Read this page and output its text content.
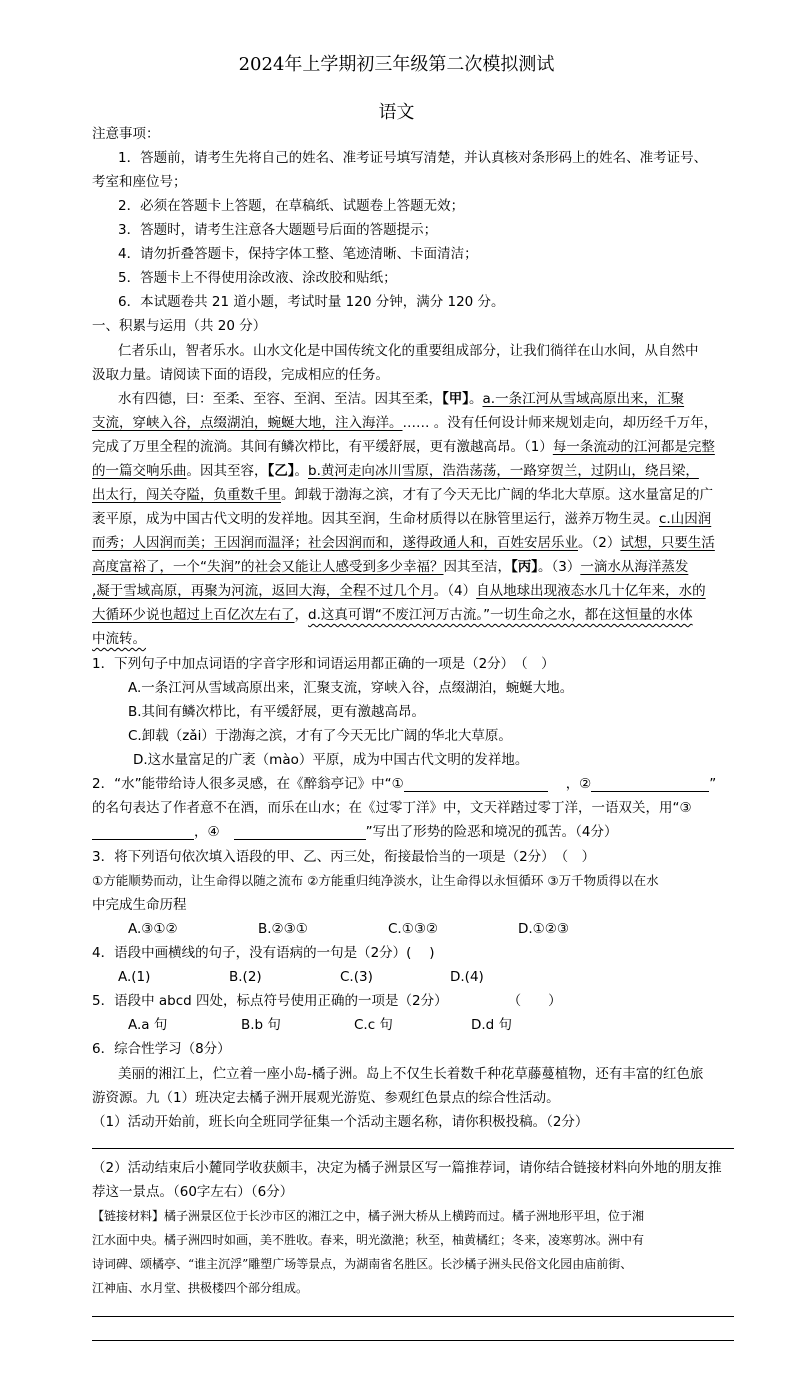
2024年上学期初三年级第二次模拟测试
语文
注意事项：
1．答题前，请考生先将自己的姓名、准考证号填写清楚，并认真核对条形码上的姓名、准考证号、
考室和座位号；
2．必须在答题卡上答题，在草稿纸、试题卷上答题无效；
3．答题时，请考生注意各大题题号后面的答题提示；
4．请勿折叠答题卡，保持字体工整、笔迹清晰、卡面清洁；
5．答题卡上不得使用涂改液、涂改胶和贴纸；
6．本试题卷共 21 道小题，考试时量 120 分钟，满分 120 分。
一、积累与运用（共 20 分）
仁者乐山，智者乐水。山水文化是中国传统文化的重要组成部分，让我们徜徉在山水间，从自然中
汲取力量。请阅读下面的语段，完成相应的任务。
水有四德，曰：至柔、至容、至润、至洁。因其至柔，【甲】。a.一条江河从雪域高原出来，汇聚
支流，穿峡入谷，点缀湖泊，蜿蜒大地，注入海洋。…… 。没有任何设计师来规划走向，却历经千万年，
完成了万里全程的流淌。其间有鳞次栉比，有平缓舒展，更有激越高昂。（1）每一条流动的江河都是完整
的一篇交响乐曲。因其至容，【乙】。b.黄河走向冰川雪原，浩浩荡荡，一路穿贺兰，过阴山，绕吕梁，
出太行，闯关夺隘，负重数千里。卸载于渤海之滨，才有了今天无比广阔的华北大草原。这水量富足的广
袤平原，成为中国古代文明的发祥地。因其至润，生命材质得以在脉管里运行，滋养万物生灵。c.山因润
而秀；人因润而美；王因润而温泽；社会因润而和，遂得政通人和，百姓安居乐业。（2）试想，只要生活
高度富裕了，一个“失润”的社会又能让人感受到多少幸福？因其至洁，【丙】。（3）一滴水从海洋蒸发
,凝于雪域高原，再聚为河流，返回大海，全程不过几个月。（4）自从地球出现液态水几十亿年来，水的
大循环少说也超过上百亿次左右了，d.这真可谓“不废江河万古流。”一切生命之水，都在这恒量的水体
中流转。
1．下列句子中加点词语的字音字形和词语运用都正确的一项是（2分）　（　）
A.一条江河从雪域高原出来，汇聚支流，穿峡入谷，点缀湖泊，蜿蜒大地。
B.其间有鳞次栉比，有平缓舒展，更有激越高昂。
C.卸载（zǎi）于渤海之滨，才有了今天无比广阔的华北大草原。
D.这水量富足的广袤（mào）平原，成为中国古代文明的发祥地。
2．“水”能带给诗人很多灵感，在《醉翁亭记》中“①	，②	”
的名句表达了作者意不在酒，而乐在山水；在《过零丁洋》中，文天祥踏过零丁洋，一语双关，用“③
，④	”写出了形势的险恶和境况的孤苦。（4分）
3．将下列语句依次填入语段的甲、乙、丙三处，衔接最恰当的一项是（2分）　（　）
①方能顺势而动，让生命得以随之流布 ②方能重归纯净淡水，让生命得以永恒循环 ③万千物质得以在水
中完成生命历程
A.③①②	B.②③①	C.①③②	D.①②③
4．语段中画横线的句子，没有语病的一句是（2分）(　 )
A.(1)	B.(2)	C.(3)	D.(4)
5．语段中 abcd 四处，标点符号使用正确的一项是（2分）	（　　）
A.a 句	B.b 句	C.c 句	D.d 句
6．综合性学习（8分）
美丽的湘江上，伫立着一座小岛-橘子洲。岛上不仅生长着数千种花草藤蔓植物，还有丰富的红色旅
游资源。九（1）班决定去橘子洲开展观光游览、参观红色景点的综合性活动。
（1）活动开始前，班长向全班同学征集一个活动主题名称，请你积极投稿。（2分）
（2）活动结束后小麓同学收获颇丰，决定为橘子洲景区写一篇推荐词，请你结合链接材料向外地的朋友推
荐这一景点。（60字左右）（6分）
【链接材料】橘子洲景区位于长沙市区的湘江之中，橘子洲大桥从上横跨而过。橘子洲地形平坦，位于湘
江水面中央。橘子洲四时如画，美不胜收。春来，明光潋滟；秋至，柚黄橘红；冬来，凌寒剪冰。洲中有
诗词碑、颂橘亭、“谁主沉浮”雕塑广场等景点，为湖南省名胜区。长沙橘子洲头民俗文化园由庙前街、
江神庙、水月堂、拱极楼四个部分组成。
